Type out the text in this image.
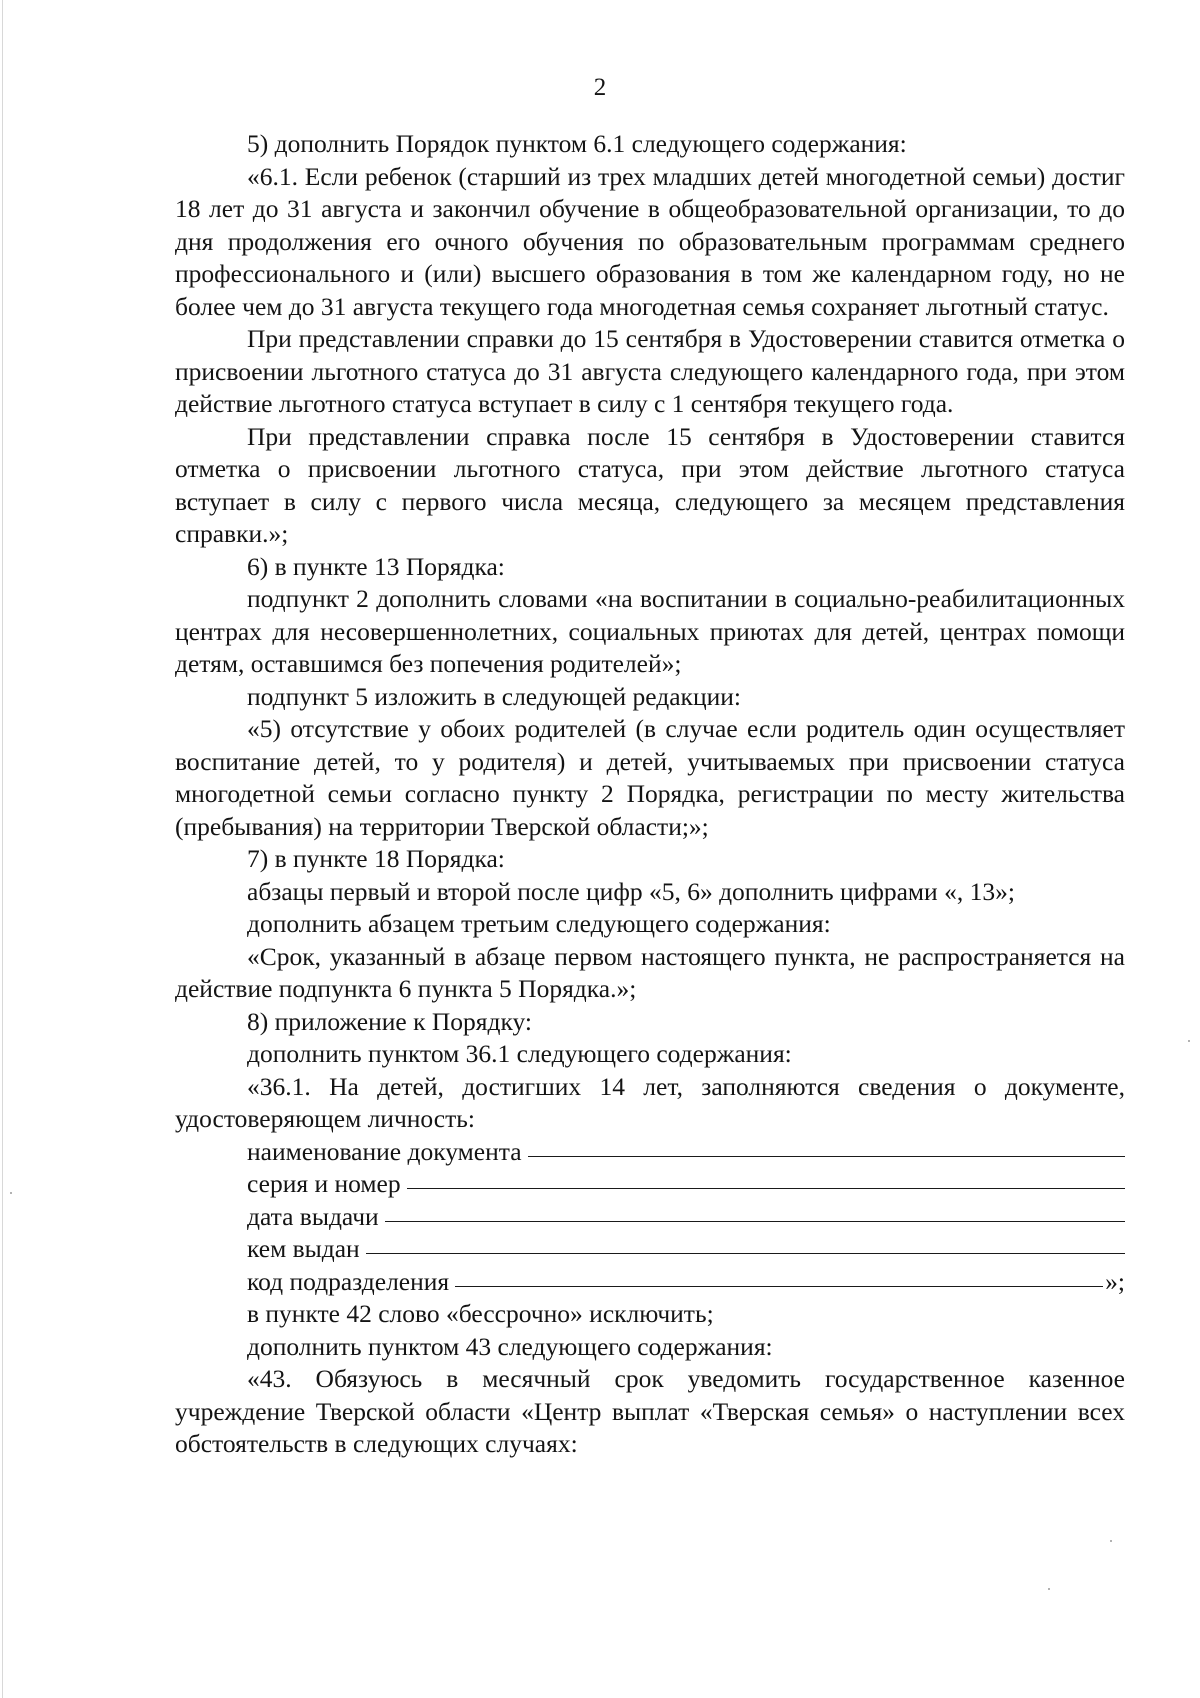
2

5) дополнить Порядок пунктом 6.1 следующего содержания:

«6.1. Если ребенок (старший из трех младших детей многодетной семьи) достиг 18 лет до 31 августа и закончил обучение в общеобразовательной организации, то до дня продолжения его очного обучения по образовательным программам среднего профессионального и (или) высшего образования в том же календарном году, но не более чем до 31 августа текущего года многодетная семья сохраняет льготный статус.

При представлении справки до 15 сентября в Удостоверении ставится отметка о присвоении льготного статуса до 31 августа следующего календарного года, при этом действие льготного статуса вступает в силу с 1 сентября текущего года.

При представлении справка после 15 сентября в Удостоверении ставится отметка о присвоении льготного статуса, при этом действие льготного статуса вступает в силу с первого числа месяца, следующего за месяцем представления справки.»;

6) в пункте 13 Порядка:

подпункт 2 дополнить словами «на воспитании в социально-реабилитационных центрах для несовершеннолетних, социальных приютах для детей, центрах помощи детям, оставшимся без попечения родителей»;

подпункт 5 изложить в следующей редакции:

«5) отсутствие у обоих родителей (в случае если родитель один осуществляет воспитание детей, то у родителя) и детей, учитываемых при присвоении статуса многодетной семьи согласно пункту 2 Порядка, регистрации по месту жительства (пребывания) на территории Тверской области;»;

7) в пункте 18 Порядка:

абзацы первый и второй после цифр «5, 6» дополнить цифрами «, 13»;

дополнить абзацем третьим следующего содержания:

«Срок, указанный в абзаце первом настоящего пункта, не распространяется на действие подпункта 6 пункта 5 Порядка.»;

8) приложение к Порядку:

дополнить пунктом 36.1 следующего содержания:

«36.1. На детей, достигших 14 лет, заполняются сведения о документе, удостоверяющем личность:

наименование документа
серия и номер
дата выдачи
кем выдан
код подразделения	»;

в пункте 42 слово «бессрочно» исключить;

дополнить пунктом 43 следующего содержания:

«43. Обязуюсь в месячный срок уведомить государственное казенное учреждение Тверской области «Центр выплат «Тверская семья» о наступлении всех обстоятельств в следующих случаях:
